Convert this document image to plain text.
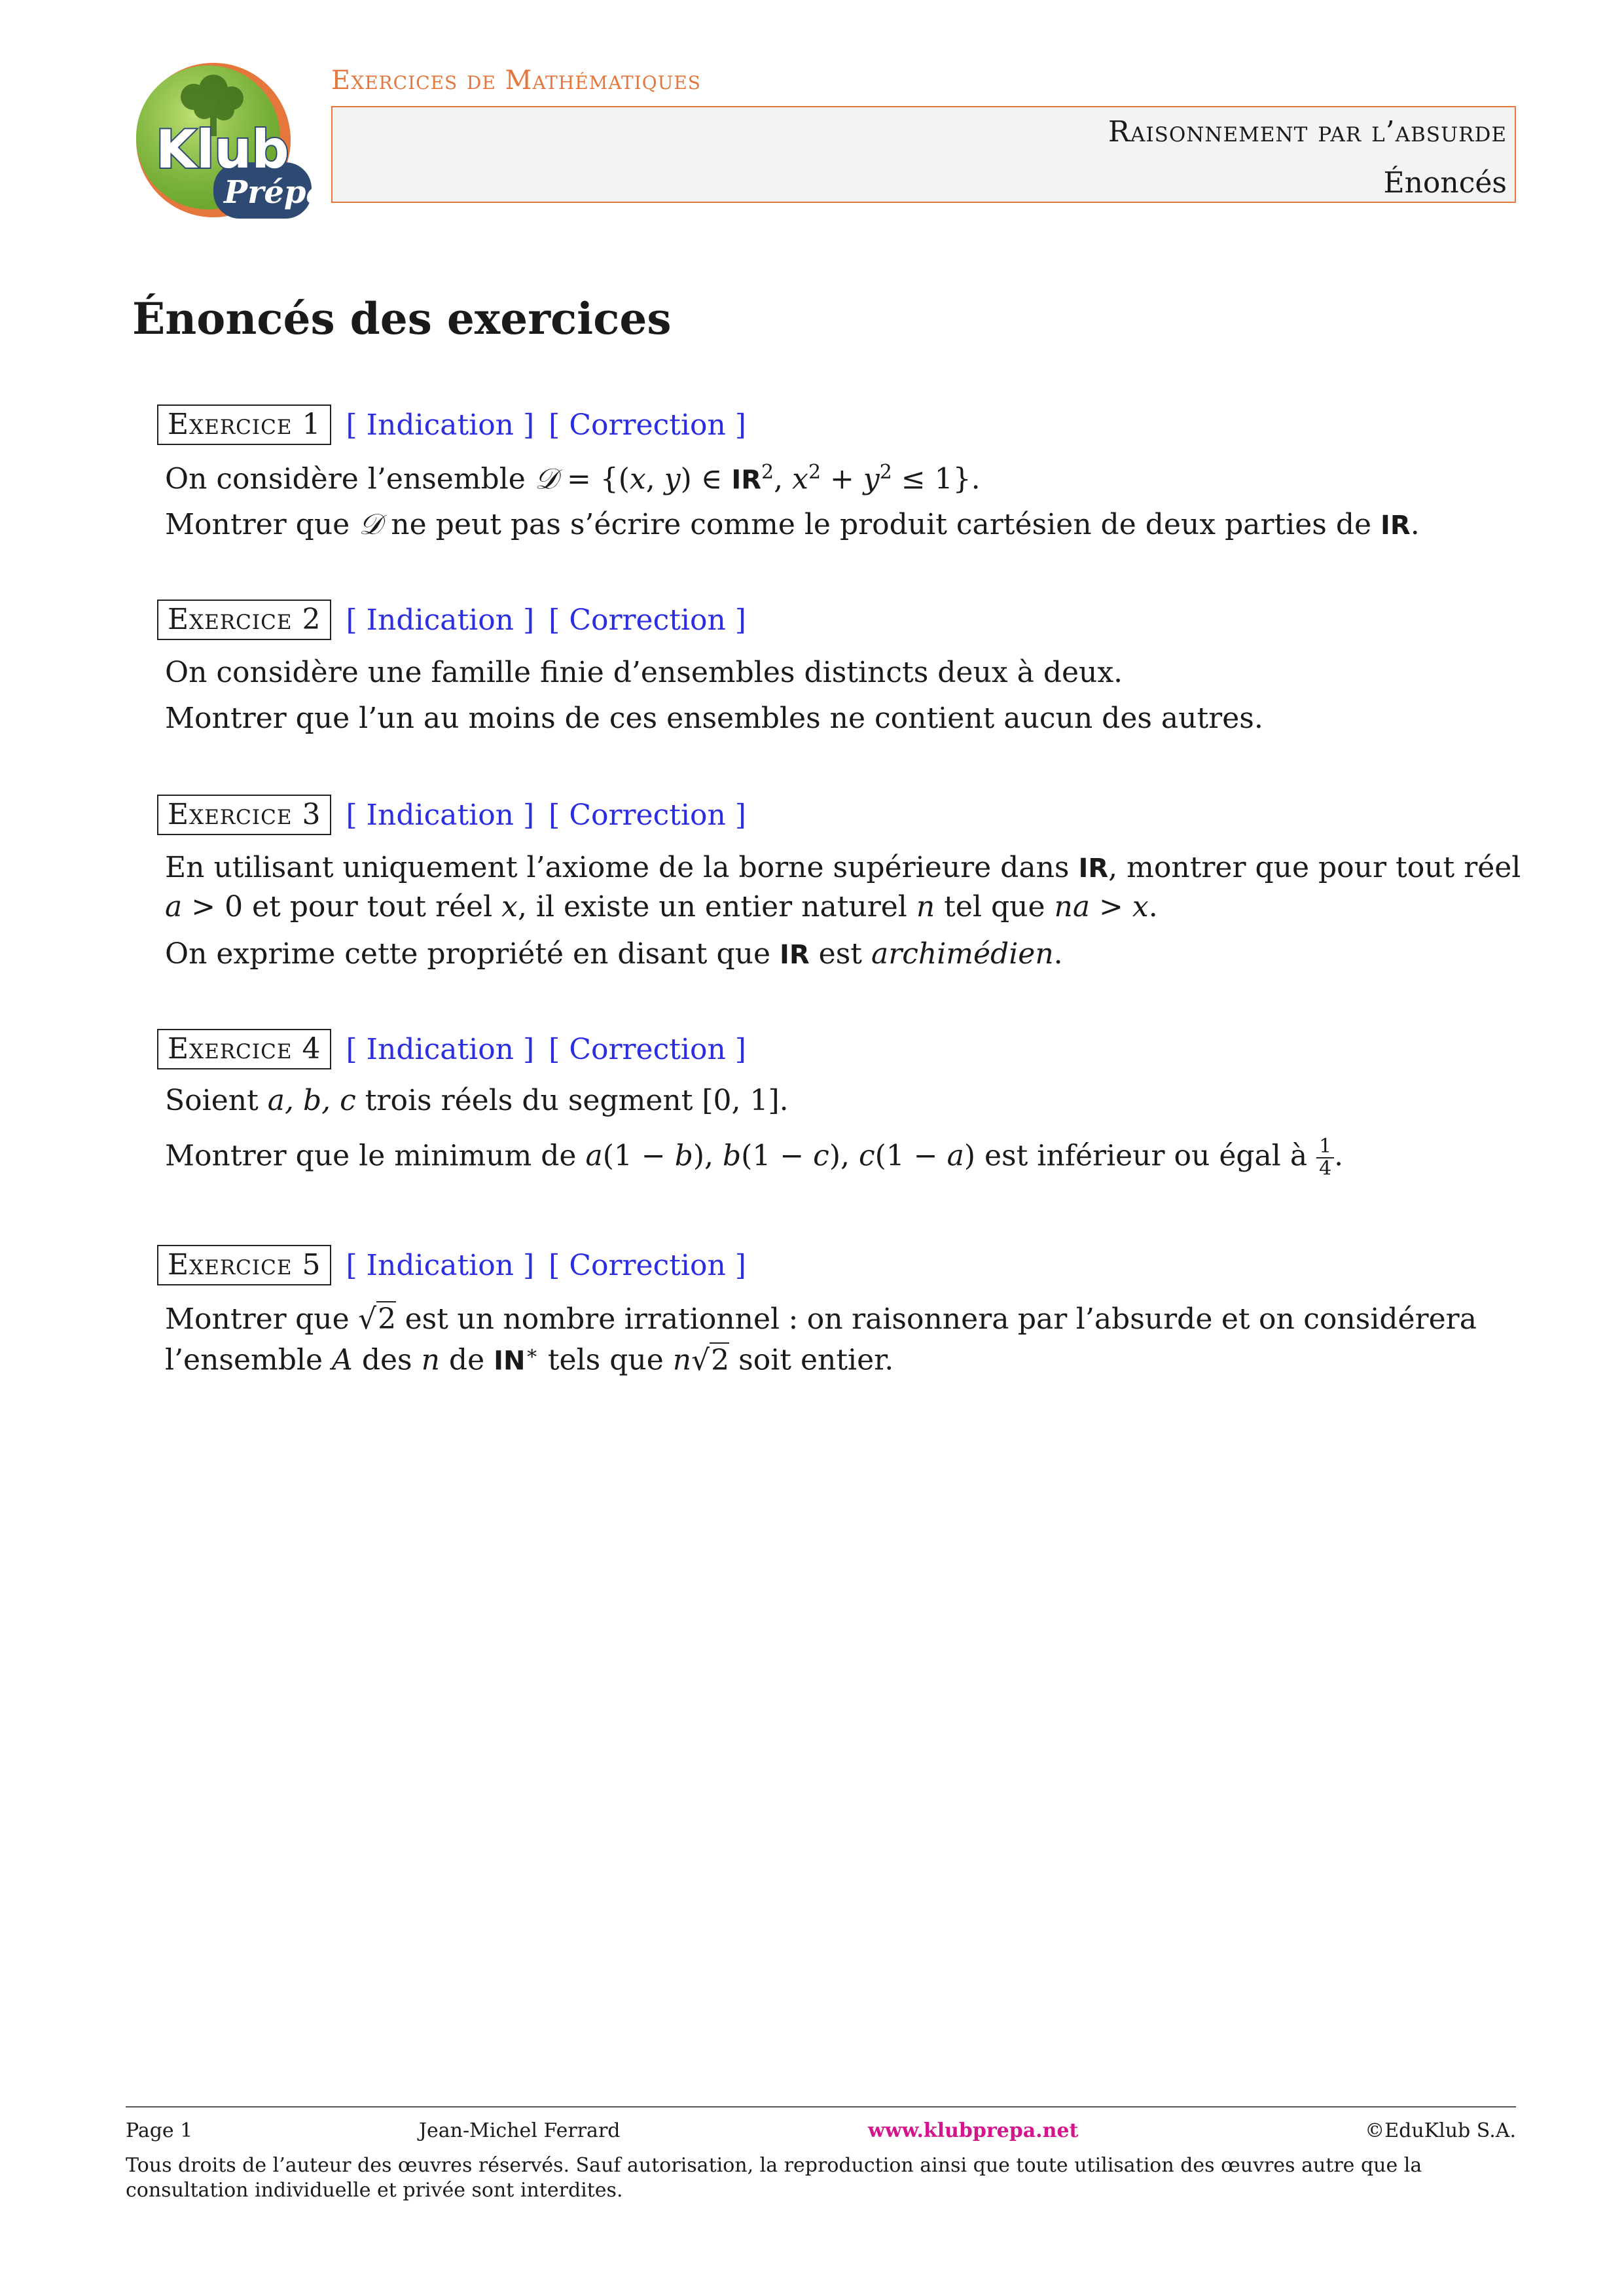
Prépa
Klub
Exercices de Mathématiques
Raisonnement par l’absurde
Énoncés
Énoncés des exercices
Exercice 1 [ Indication ] [ Correction ]
On considère l’ensemble 𝒟 = {(x, y) ∈ $IR^2$, $x^2 + y^2 \le 1$}.
Montrer que 𝒟 ne peut pas s’écrire comme le produit cartésien de deux parties de IR.
Exercice 2 [ Indication ] [ Correction ]
On considère une famille finie d’ensembles distincts deux à deux.
Montrer que l’un au moins de ces ensembles ne contient aucun des autres.
Exercice 3 [ Indication ] [ Correction ]
En utilisant uniquement l’axiome de la borne supérieure dans IR, montrer que pour tout réel
a > 0 et pour tout réel x, il existe un entier naturel n tel que na > x.
On exprime cette propriété en disant que IR est archimédien.
Exercice 4 [ Indication ] [ Correction ]
Soient a, b, c trois réels du segment [0, 1].
Montrer que le minimum de a(1 − b), b(1 − c), c(1 − a) est inférieur ou égal à $\frac{1}{4}$ .
Exercice 5 [ Indication ] [ Correction ]
Montrer que √2 est un nombre irrationnel : on raisonnera par l’absurde et on considérera
l’ensemble A des n de IN∗ tels que n√2 soit entier.
Page 1	Jean-Michel Ferrard	www.klubprepa.net	©EduKlub S.A.
Tous droits de l’auteur des œuvres réservés. Sauf autorisation, la reproduction ainsi que toute utilisation des œuvres autre que la consultation individuelle et privée sont interdites.
